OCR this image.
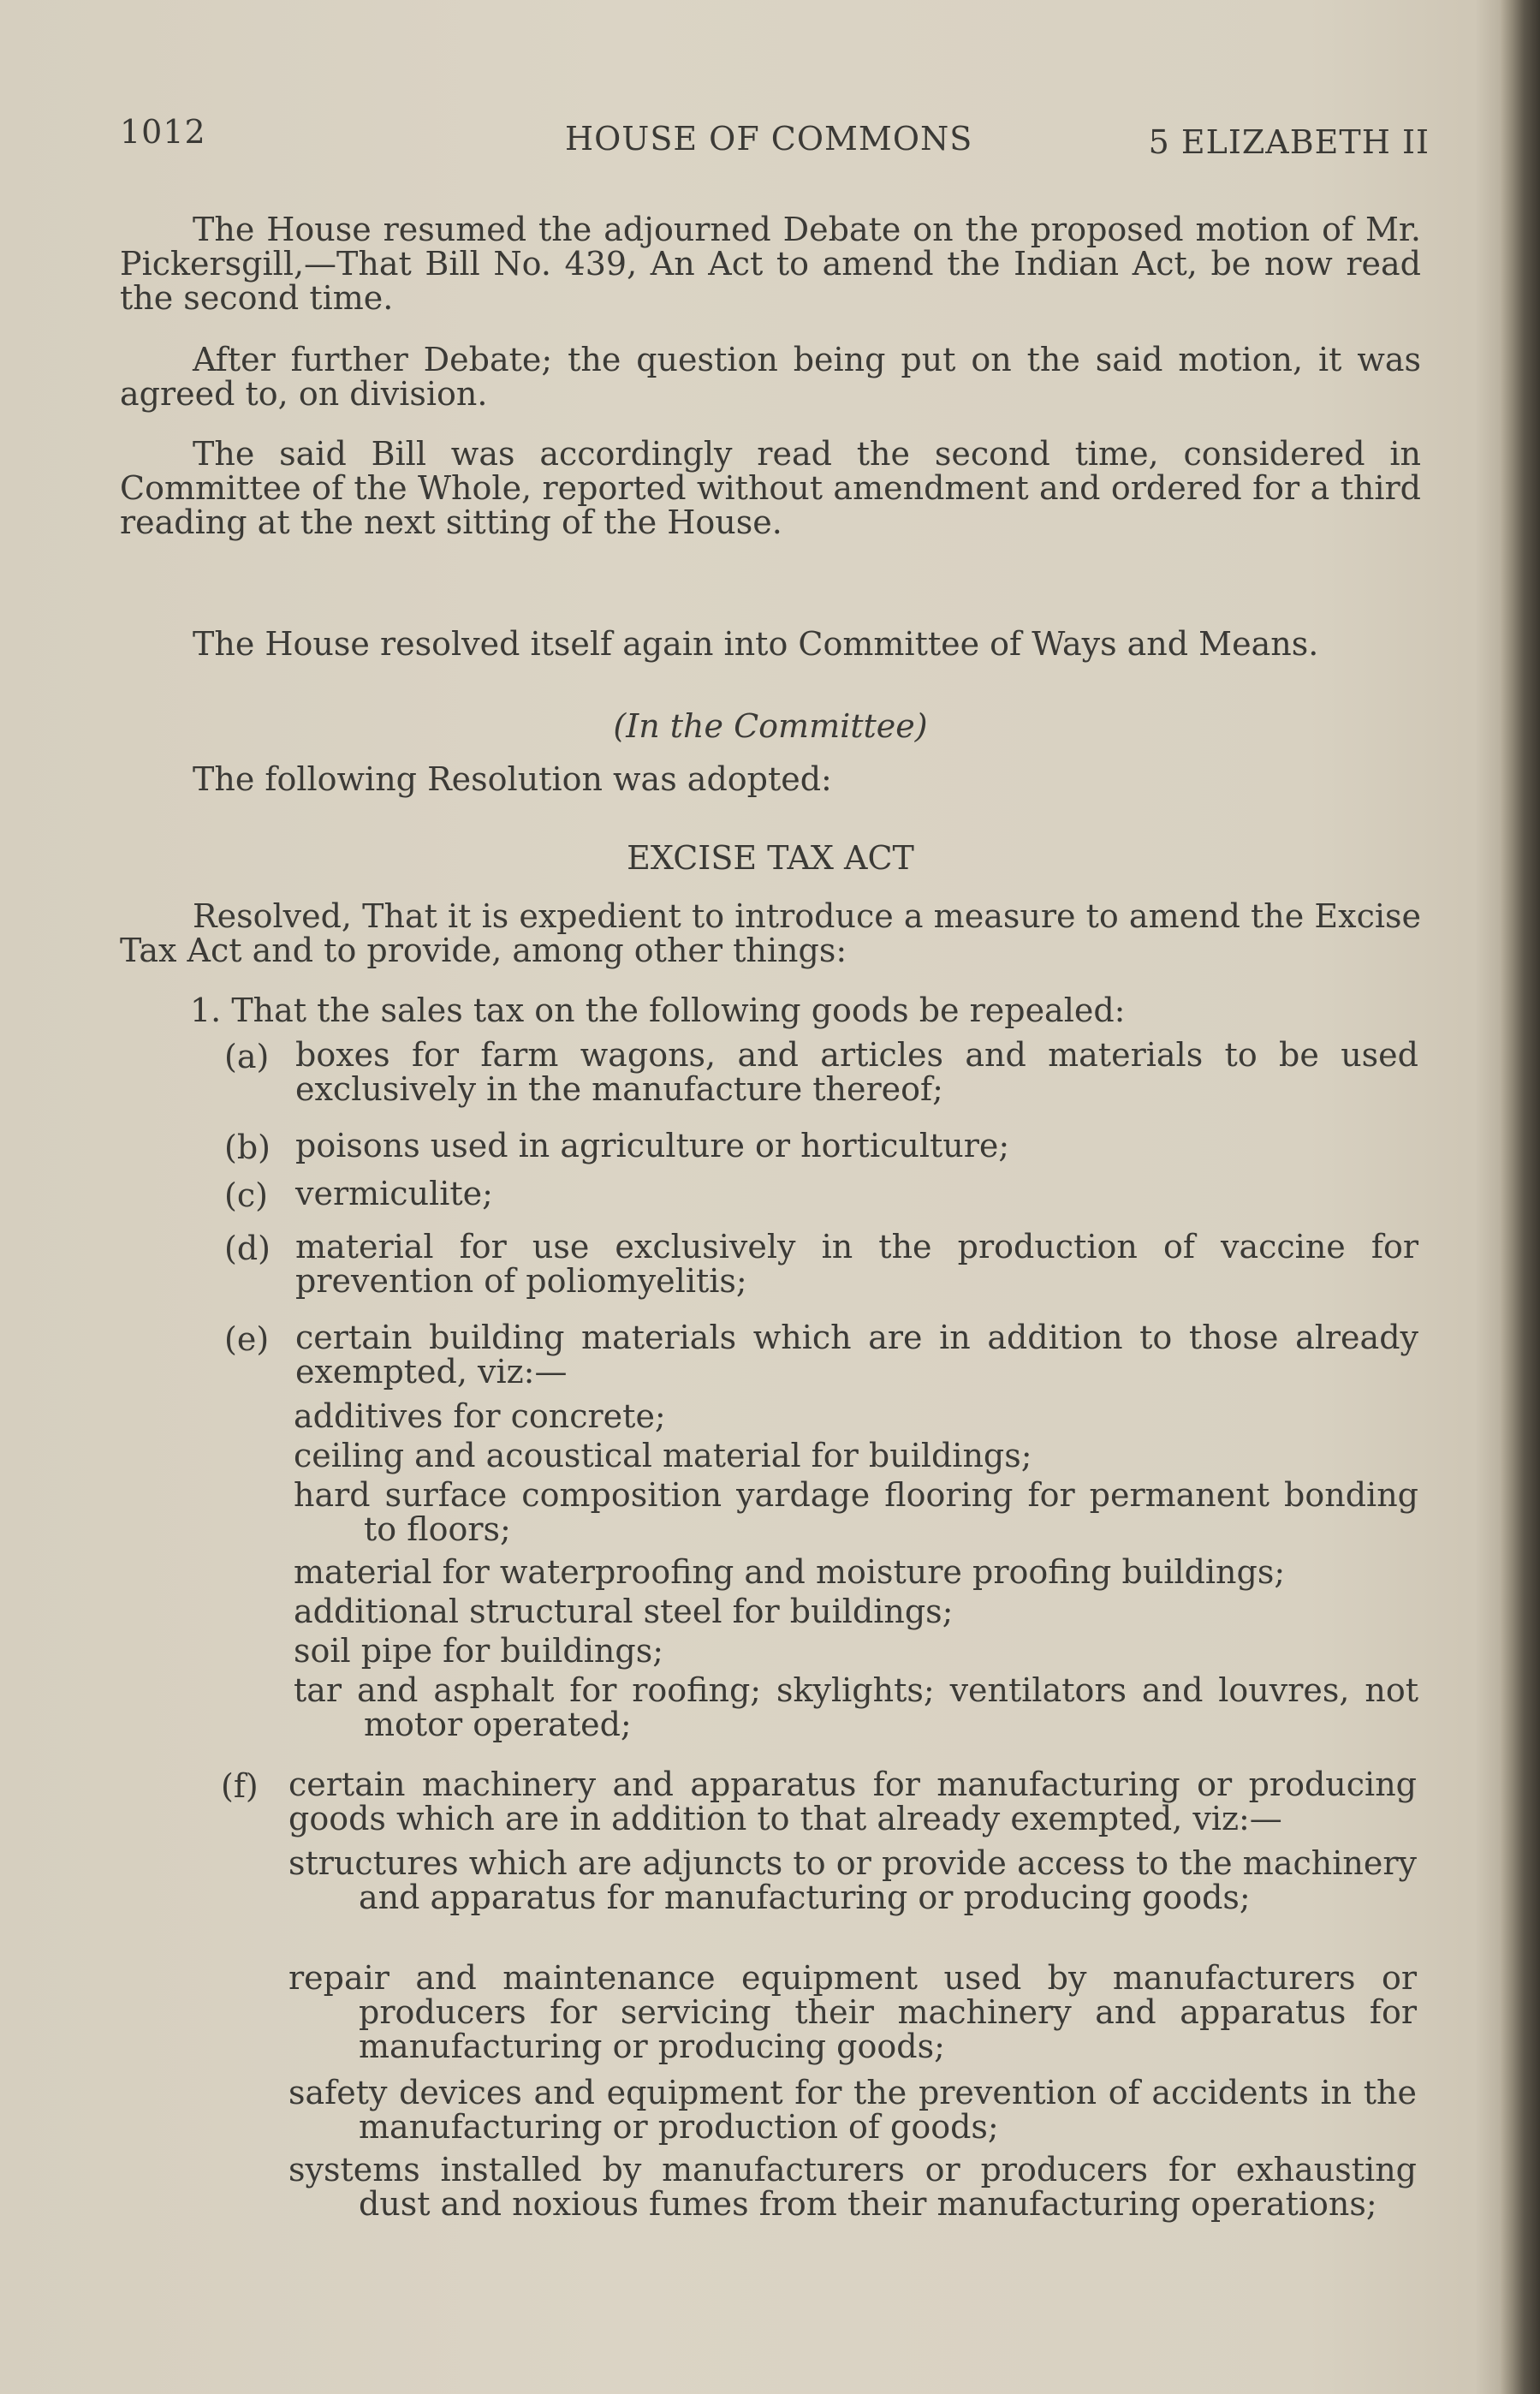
1012	HOUSE OF COMMONS	5 ELIZABETH II

The House resumed the adjourned Debate on the proposed motion of Mr. Pickersgill,—That Bill No. 439, An Act to amend the Indian Act, be now read the second time.

After further Debate; the question being put on the said motion, it was agreed to, on division.

The said Bill was accordingly read the second time, considered in Committee of the Whole, reported without amendment and ordered for a third reading at the next sitting of the House.

The House resolved itself again into Committee of Ways and Means.

(In the Committee)

The following Resolution was adopted:

EXCISE TAX ACT

Resolved, That it is expedient to introduce a measure to amend the Excise Tax Act and to provide, among other things:

1. That the sales tax on the following goods be repealed:

(a) boxes for farm wagons, and articles and materials to be used exclusively in the manufacture thereof;
(b) poisons used in agriculture or horticulture;
(c) vermiculite;
(d) material for use exclusively in the production of vaccine for prevention of poliomyelitis;
(e) certain building materials which are in addition to those already exempted, viz:—
additives for concrete;
ceiling and acoustical material for buildings;
hard surface composition yardage flooring for permanent bonding to floors;
material for waterproofing and moisture proofing buildings;
additional structural steel for buildings;
soil pipe for buildings;
tar and asphalt for roofing; skylights; ventilators and louvres, not motor operated;
(f) certain machinery and apparatus for manufacturing or producing goods which are in addition to that already exempted, viz:—
structures which are adjuncts to or provide access to the machinery and apparatus for manufacturing or producing goods;
repair and maintenance equipment used by manufacturers or producers for servicing their machinery and apparatus for manufacturing or producing goods;
safety devices and equipment for the prevention of accidents in the manufacturing or production of goods;
systems installed by manufacturers or producers for exhausting dust and noxious fumes from their manufacturing operations;
